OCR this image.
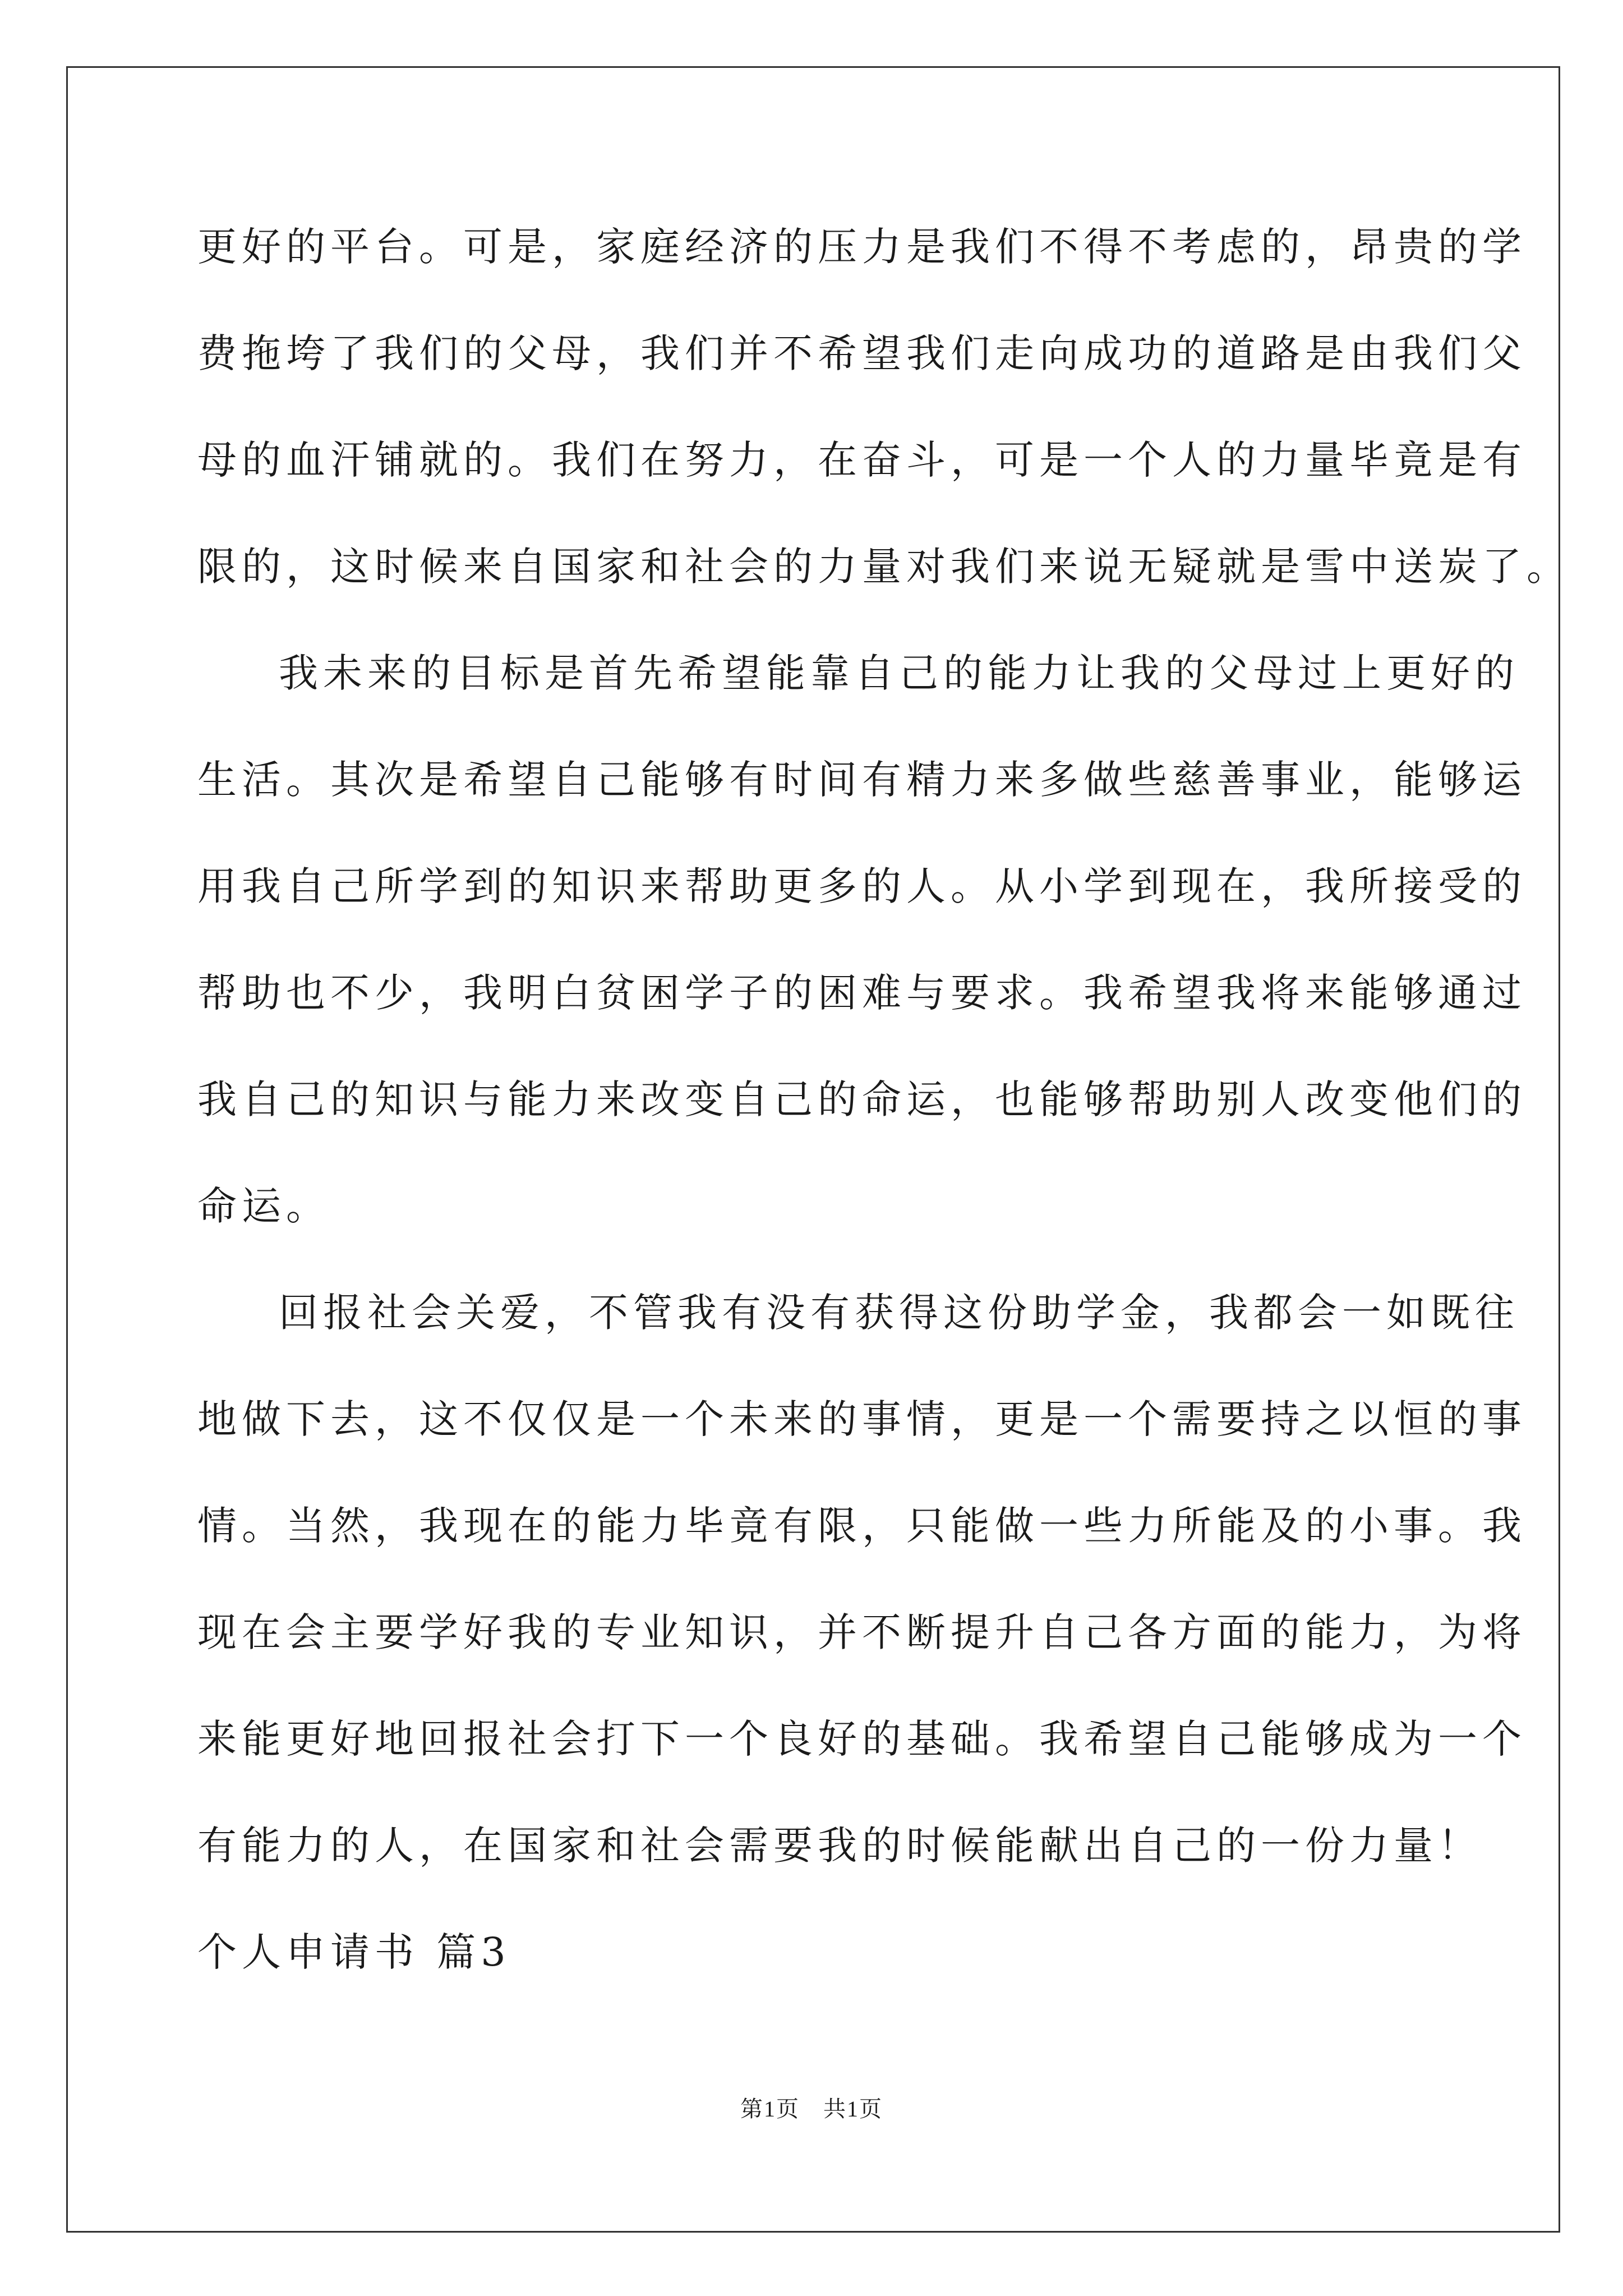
更好的平台。可是，家庭经济的压力是我们不得不考虑的，昂贵的学
费拖垮了我们的父母，我们并不希望我们走向成功的道路是由我们父
母的血汗铺就的。我们在努力，在奋斗，可是一个人的力量毕竟是有
限的，这时候来自国家和社会的力量对我们来说无疑就是雪中送炭了。
我未来的目标是首先希望能靠自己的能力让我的父母过上更好的
生活。其次是希望自己能够有时间有精力来多做些慈善事业，能够运
用我自己所学到的知识来帮助更多的人。从小学到现在，我所接受的
帮助也不少，我明白贫困学子的困难与要求。我希望我将来能够通过
我自己的知识与能力来改变自己的命运，也能够帮助别人改变他们的
命运。
回报社会关爱，不管我有没有获得这份助学金，我都会一如既往
地做下去，这不仅仅是一个未来的事情，更是一个需要持之以恒的事
情。当然，我现在的能力毕竟有限，只能做一些力所能及的小事。我
现在会主要学好我的专业知识，并不断提升自己各方面的能力，为将
来能更好地回报社会打下一个良好的基础。我希望自己能够成为一个
有能力的人，在国家和社会需要我的时候能献出自己的一份力量！
个人申请书 篇3
第1页　共1页
